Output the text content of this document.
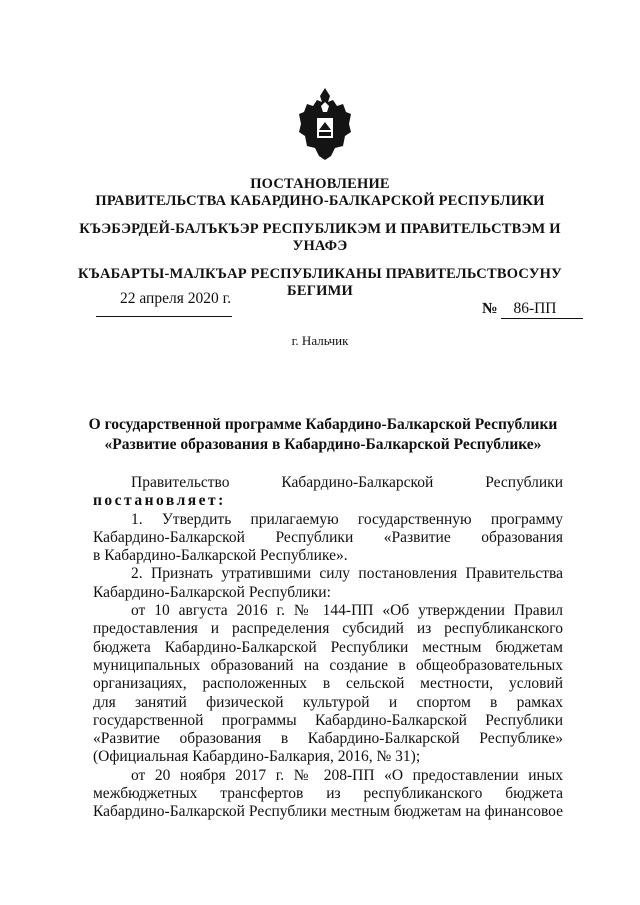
ПОСТАНОВЛЕНИЕ
ПРАВИТЕЛЬСТВА КАБАРДИНО-БАЛКАРСКОЙ РЕСПУБЛИКИ
КЪЭБЭРДЕЙ-БАЛЪКЪЭР РЕСПУБЛИКЭМ И ПРАВИТЕЛЬСТВЭМ И
УНАФЭ
КЪАБАРТЫ-МАЛКЪАР РЕСПУБЛИКАНЫ ПРАВИТЕЛЬСТВОСУНУ
БЕГИМИ
22 апреля 2020 г.
№ 86-ПП
г. Нальчик
О государственной программе Кабардино-Балкарской Республики
«Развитие образования в Кабардино-Балкарской Республике»

Правительство Кабардино-Балкарской Республики

постановляет:

1. Утвердить прилагаемую государственную программу

Кабардино-Балкарской Республики «Развитие образования

в Кабардино-Балкарской Республике».

2. Признать утратившими силу постановления Правительства

Кабардино-Балкарской Республики:

от 10 августа 2016 г. № 144-ПП «Об утверждении Правил

предоставления и распределения субсидий из республиканского

бюджета Кабардино-Балкарской Республики местным бюджетам

муниципальных образований на создание в общеобразовательных

организациях, расположенных в сельской местности, условий

для занятий физической культурой и спортом в рамках

государственной программы Кабардино-Балкарской Республики

«Развитие образования в Кабардино-Балкарской Республике»

(Официальная Кабардино-Балкария, 2016, № 31);

от 20 ноября 2017 г. № 208-ПП «О предоставлении иных

межбюджетных трансфертов из республиканского бюджета

Кабардино-Балкарской Республики местным бюджетам на финансовое
